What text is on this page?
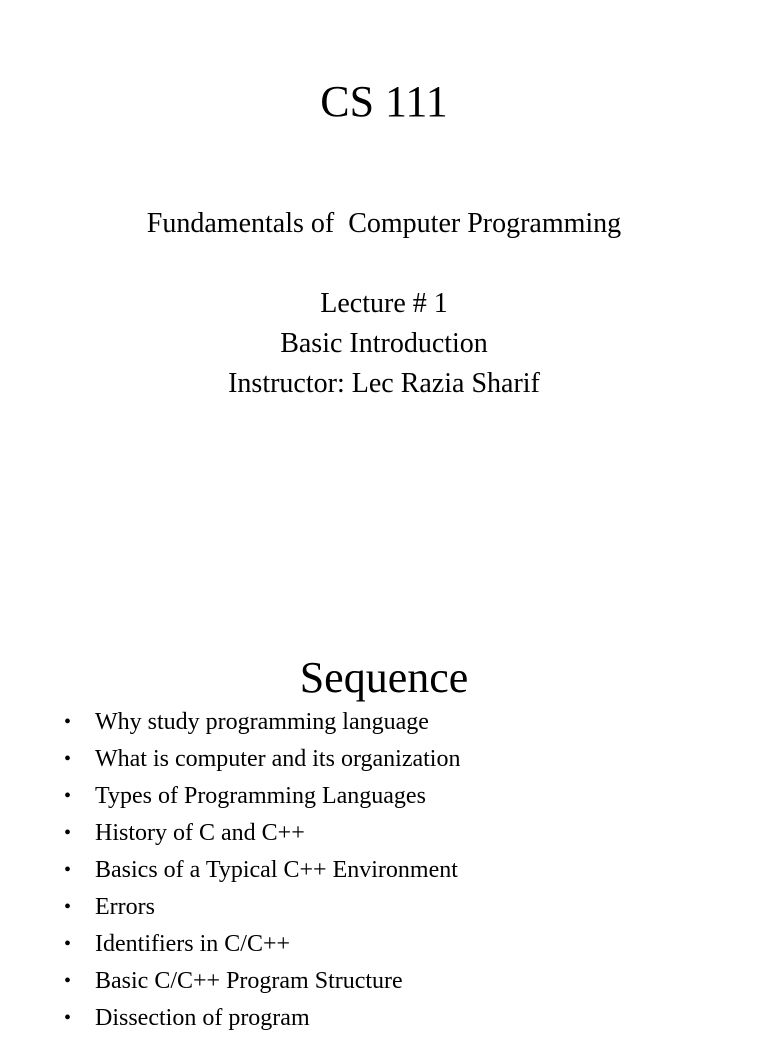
CS 111
Fundamentals of  Computer Programming
Lecture # 1
Basic Introduction
Instructor: Lec Razia Sharif
Sequence
• Why study programming language
• What is computer and its organization
• Types of Programming Languages
• History of C and C++
• Basics of a Typical C++ Environment
• Errors
• Identifiers in C/C++
• Basic C/C++ Program Structure
• Dissection of program
